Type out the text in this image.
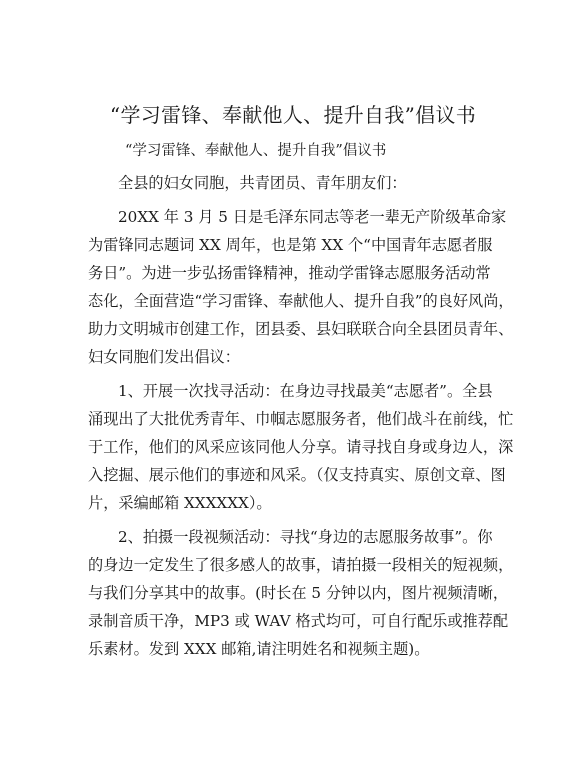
“学习雷锋、奉献他人、提升自我”倡议书
“学习雷锋、奉献他人、提升自我”倡议书
全县的妇女同胞，共青团员、青年朋友们：
20XX 年 3 月 5 日是毛泽东同志等老一辈无产阶级革命家
为雷锋同志题词 XX 周年，也是第 XX 个“中国青年志愿者服
务日”。为进一步弘扬雷锋精神，推动学雷锋志愿服务活动常
态化，全面营造“学习雷锋、奉献他人、提升自我”的良好风尚，
助力文明城市创建工作，团县委、县妇联联合向全县团员青年、
妇女同胞们发出倡议：
1、开展一次找寻活动：在身边寻找最美“志愿者”。全县
涌现出了大批优秀青年、巾帼志愿服务者，他们战斗在前线，忙
于工作，他们的风采应该同他人分享。请寻找自身或身边人，深
入挖掘、展示他们的事迹和风采。（仅支持真实、原创文章、图
片，采编邮箱 XXXXXX）。
2、拍摄一段视频活动：寻找“身边的志愿服务故事”。你
的身边一定发生了很多感人的故事，请拍摄一段相关的短视频，
与我们分享其中的故事。(时长在 5 分钟以内，图片视频清晰，
录制音质干净，MP3 或 WAV 格式均可，可自行配乐或推荐配
乐素材。发到 XXX 邮箱,请注明姓名和视频主题)。
